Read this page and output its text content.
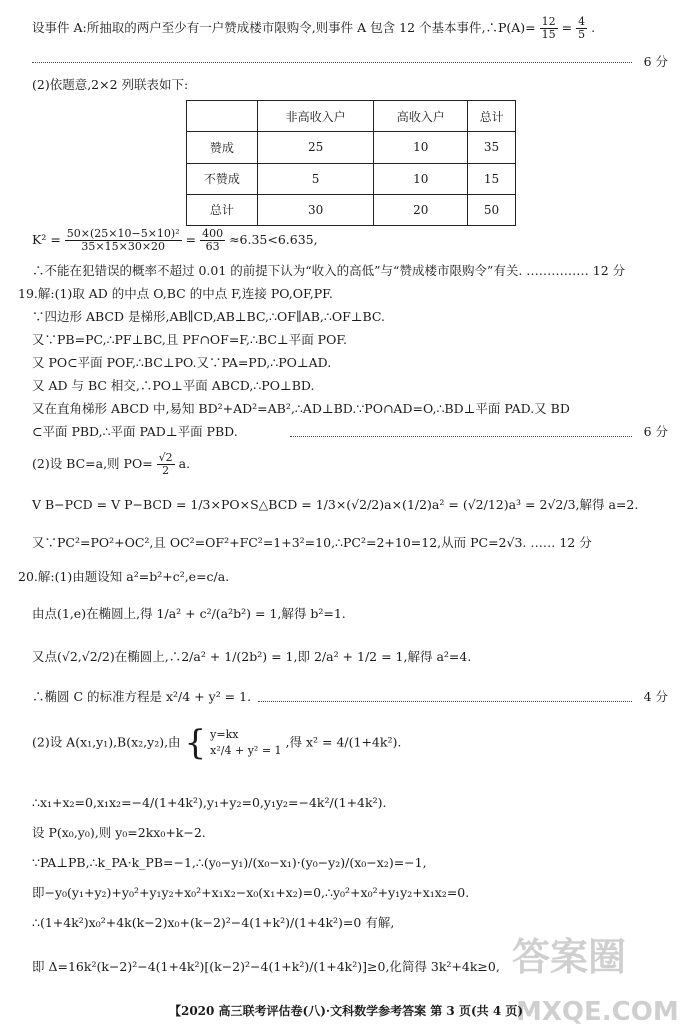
设事件 A:所抽取的两户至少有一户赞成楼市限购令,则事件 A 包含 12 个基本事件,∴P(A)= $\frac{12}{15} = \frac{4}{5}$ .
6 分
(2)依题意,2×2 列联表如下:
	非高收入户	高收入户	总计
赞成	25	10	35
不赞成	5	10	15
总计	30	20	50
$K^2 = \frac{\text{50×(25×10−5×10)²}}{35\times 15\times 30\times 20} = \frac{400}{63} \approx 6.35<6.635$,
∴不能在犯错误的概率不超过 0.01 的前提下认为“收入的高低”与“赞成楼市限购令”有关. …………… 12 分
19.解:(1)取 AD 的中点 O,BC 的中点 F,连接 PO,OF,PF.
∵四边形 ABCD 是梯形,AB∥CD,AB⊥BC,∴OF∥AB,∴OF⊥BC.
又∵PB=PC,∴PF⊥BC,且 PF∩OF=F,∴BC⊥平面 POF.
又 PO⊂平面 POF,∴BC⊥PO.又∵PA=PD,∴PO⊥AD.
又 AD 与 BC 相交,∴PO⊥平面 ABCD,∴PO⊥BD.
又在直角梯形 ABCD 中,易知 BD²+AD²=AB²,∴AD⊥BD.∵PO∩AD=O,∴BD⊥平面 PAD.又 BD
⊂平面 PBD,∴平面 PAD⊥平面 PBD.	6 分
(2)设 BC=a,则 $PO= \frac{√2}{2} a$.
V B−PCD = V P−BCD = 1/3×PO×S△BCD = 1/3×(√2/2)a×(1/2)a² = (√2/12)a³ = 2√2/3,解得 a=2.
又∵PC²=PO²+OC²,且 OC²=OF²+FC²=1+3²=10,∴PC²=2+10=12,从而 PC=2√3. …… 12 分
20.解:(1)由题设知 a²=b²+c²,e=c/a.
由点(1,e)在椭圆上,得 1/a² + c²/(a²b²) = 1,解得 b²=1.
又点(√2,√2/2)在椭圆上,∴2/a² + 1/(2b²) = 1,即 2/a² + 1/2 = 1,解得 a²=4.
∴椭圆 C 的标准方程是 x²/4 + y² = 1.	4 分
(2)设 A(x₁,y₁),B(x₂,y₂),由 { y=kx
x²/4 + y² = 1
,得 x² = 4/(1+4k²).
∴x₁+x₂=0,x₁x₂=−4/(1+4k²),y₁+y₂=0,y₁y₂=−4k²/(1+4k²).
设 P(x₀,y₀),则 y₀=2kx₀+k−2.
∵PA⊥PB,∴k_PA·k_PB=−1,∴(y₀−y₁)/(x₀−x₁)·(y₀−y₂)/(x₀−x₂)=−1,
即−y₀(y₁+y₂)+y₀²+y₁y₂+x₀²+x₁x₂−x₀(x₁+x₂)=0,∴y₀²+x₀²+y₁y₂+x₁x₂=0.
∴(1+4k²)x₀²+4k(k−2)x₀+(k−2)²−4(1+k²)/(1+4k²)=0 有解,
即 Δ=16k²(k−2)²−4(1+4k²)[(k−2)²−4(1+k²)/(1+4k²)]≥0,化简得 3k²+4k≥0, 答案圈
MXQE.COM
【2020 高三联考评估卷(八)·文科数学参考答案 第 3 页(共 4 页)
